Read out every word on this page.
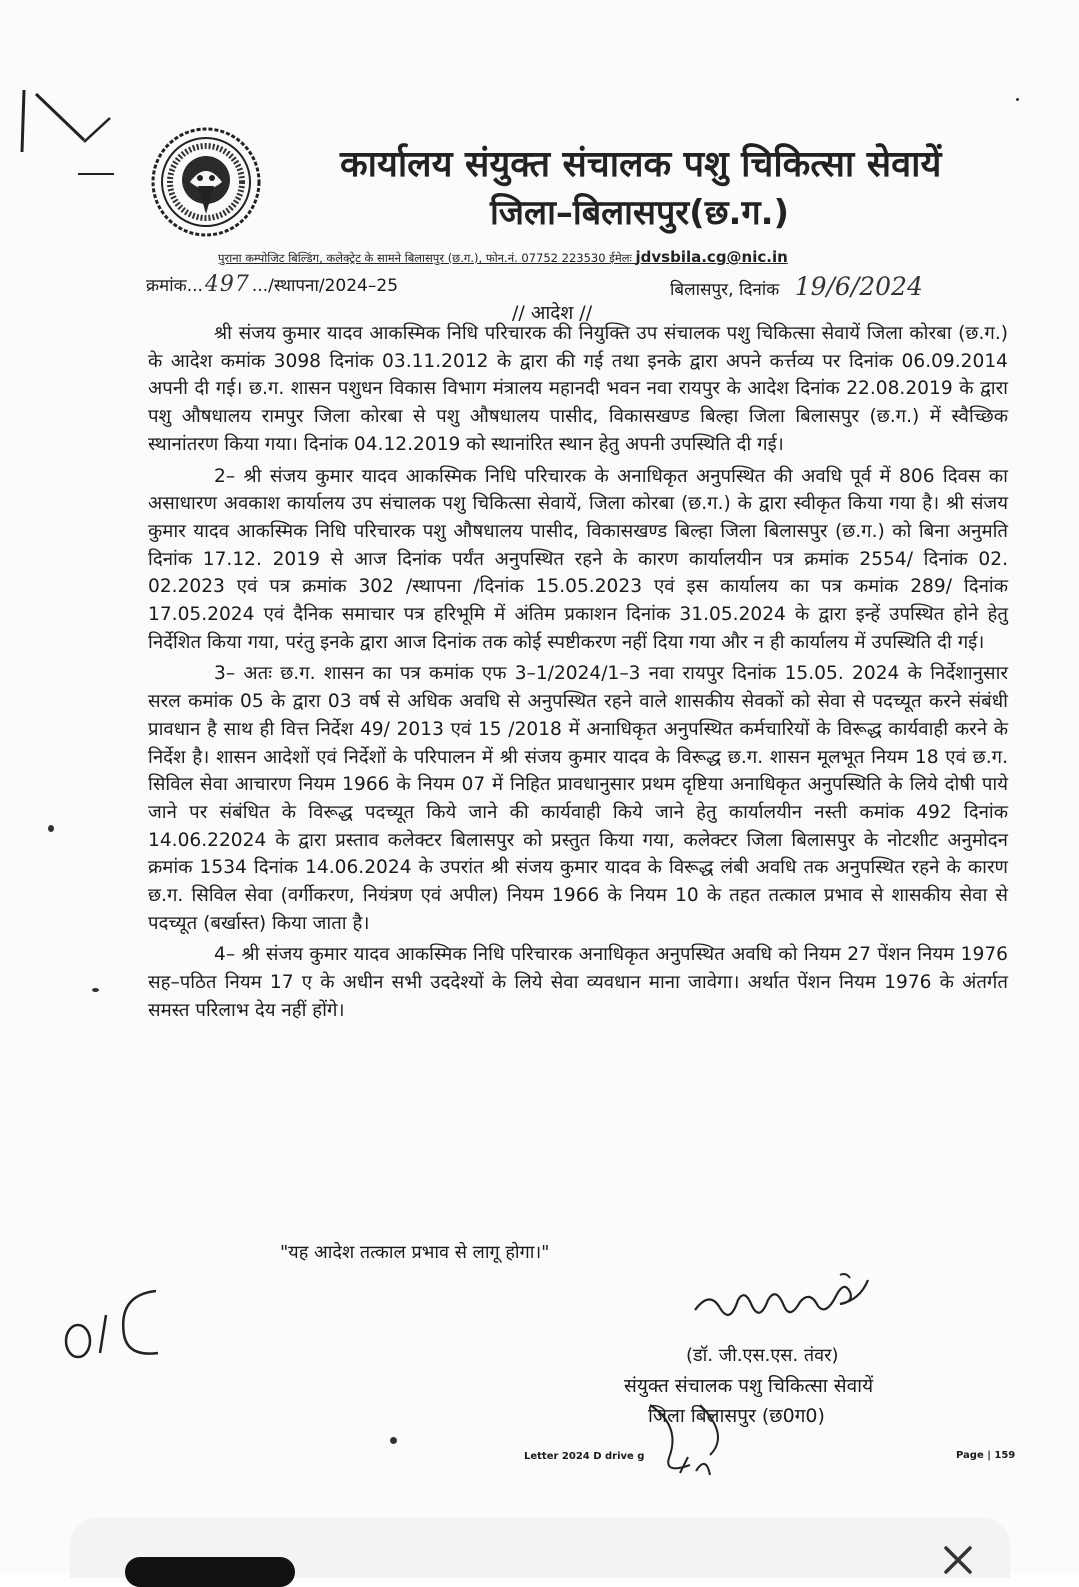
कार्यालय संयुक्त संचालक पशु चिकित्सा सेवायें
जिला–बिलासपुर(छ.ग.)
पुराना कम्पोजिट बिल्डिंग, कलेक्ट्रेट के सामने बिलासपुर (छ.ग.), फोन.नं. 07752 223530 ईमेलः jdvsbila.cg@nic.in
क्रमांक...497 .../स्थापना/2024–25	बिलासपुर, दिनांक 19/6/2024
// आदेश //

श्री संजय कुमार यादव आकस्मिक निधि परिचारक की नियुक्ति उप संचालक पशु चिकित्सा सेवायें जिला कोरबा (छ.ग.) के आदेश कमांक 3098 दिनांक 03.11.2012 के द्वारा की गई तथा इनके द्वारा अपने कर्त्तव्य पर दिनांक 06.09.2014 अपनी दी गई। छ.ग. शासन पशुधन विकास विभाग मंत्रालय महानदी भवन नवा रायपुर के आदेश दिनांक 22.08.2019 के द्वारा पशु औषधालय रामपुर जिला कोरबा से पशु औषधालय पासीद, विकासखण्ड बिल्हा जिला बिलासपुर (छ.ग.) में स्वैच्छिक स्थानांतरण किया गया। दिनांक 04.12.2019 को स्थानांरित स्थान हेतु अपनी उपस्थिति दी गई।

2– श्री संजय कुमार यादव आकस्मिक निधि परिचारक के अनाधिकृत अनुपस्थित की अवधि पूर्व में 806 दिवस का असाधारण अवकाश कार्यालय उप संचालक पशु चिकित्सा सेवायें, जिला कोरबा (छ.ग.) के द्वारा स्वीकृत किया गया है। श्री संजय कुमार यादव आकस्मिक निधि परिचारक पशु औषधालय पासीद, विकासखण्ड बिल्हा जिला बिलासपुर (छ.ग.) को बिना अनुमति दिनांक 17.12. 2019 से आज दिनांक पर्यंत अनुपस्थित रहने के कारण कार्यालयीन पत्र क्रमांक 2554/ दिनांक 02. 02.2023 एवं पत्र क्रमांक 302 /स्थापना /दिनांक 15.05.2023 एवं इस कार्यालय का पत्र कमांक 289/ दिनांक 17.05.2024 एवं दैनिक समाचार पत्र हरिभूमि में अंतिम प्रकाशन दिनांक 31.05.2024 के द्वारा इन्हें उपस्थित होने हेतु निर्देशित किया गया, परंतु इनके द्वारा आज दिनांक तक कोई स्पष्टीकरण नहीं दिया गया और न ही कार्यालय में उपस्थिति दी गई।

3– अतः छ.ग. शासन का पत्र कमांक एफ 3–1/2024/1–3 नवा रायपुर दिनांक 15.05. 2024 के निर्देशानुसार सरल कमांक 05 के द्वारा 03 वर्ष से अधिक अवधि से अनुपस्थित रहने वाले शासकीय सेवकों को सेवा से पदच्यूत करने संबंधी प्रावधान है साथ ही वित्त निर्देश 49/ 2013 एवं 15 /2018 में अनाधिकृत अनुपस्थित कर्मचारियों के विरूद्ध कार्यवाही करने के निर्देश है। शासन आदेशों एवं निर्देशों के परिपालन में श्री संजय कुमार यादव के विरूद्ध छ.ग. शासन मूलभूत नियम 18 एवं छ.ग. सिविल सेवा आचारण नियम 1966 के नियम 07 में निहित प्रावधानुसार प्रथम दृष्टिया अनाधिकृत अनुपस्थिति के लिये दोषी पाये जाने पर संबंधित के विरूद्ध पदच्यूत किये जाने की कार्यवाही किये जाने हेतु कार्यालयीन नस्ती कमांक 492 दिनांक 14.06.22024 के द्वारा प्रस्ताव कलेक्टर बिलासपुर को प्रस्तुत किया गया, कलेक्टर जिला बिलासपुर के नोटशीट अनुमोदन क्रमांक 1534 दिनांक 14.06.2024 के उपरांत श्री संजय कुमार यादव के विरूद्ध लंबी अवधि तक अनुपस्थित रहने के कारण छ.ग. सिविल सेवा (वर्गीकरण, नियंत्रण एवं अपील) नियम 1966 के नियम 10 के तहत तत्काल प्रभाव से शासकीय सेवा से पदच्यूत (बर्खास्त) किया जाता है।

4– श्री संजय कुमार यादव आकस्मिक निधि परिचारक अनाधिकृत अनुपस्थित अवधि को नियम 27 पेंशन नियम 1976 सह–पठित नियम 17 ए के अधीन सभी उददेश्यों के लिये सेवा व्यवधान माना जावेगा। अर्थात पेंशन नियम 1976 के अंतर्गत समस्त परिलाभ देय नहीं होंगे।

"यह आदेश तत्काल प्रभाव से लागू होगा।"
(डॉ. जी.एस.एस. तंवर)
संयुक्त संचालक पशु चिकित्सा सेवायें
जिला बिलासपुर (छ0ग0)
Letter 2024 D drive g	Page | 159
